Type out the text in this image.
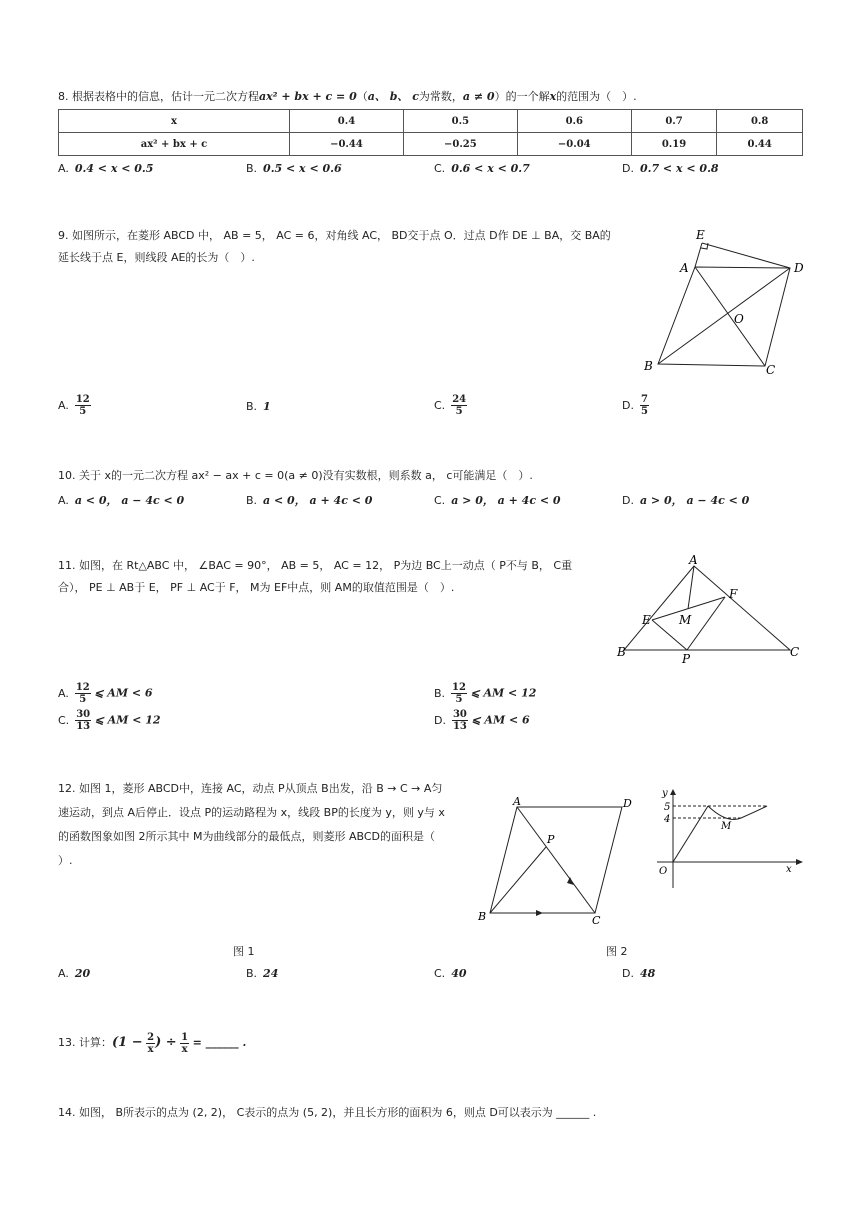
8. 根据表格中的信息，估计一元二次方程ax² + bx + c = 0（a、 b、 c为常数，a ≠ 0）的一个解x的范围为（　）.
x	0.4	0.5	0.6	0.7	0.8
ax² + bx + c	−0.44	−0.25	−0.04	0.19	0.44
A. 0.4 < x < 0.5	B. 0.5 < x < 0.6	C. 0.6 < x < 0.7	D. 0.7 < x < 0.8
9. 如图所示，在菱形 ABCD 中， AB = 5， AC = 6，对角线 AC， BD交于点 O．过点 D作 DE ⊥ BA，交 BA的
延长线于点 E，则线段 AE的长为（　）.
E
A	D
O
B	C
A. $\frac{12}{5}$	B. 1	C. $\frac{24}{5}$	D. $\frac{7}{5}$
10. 关于 x的一元二次方程 ax² − ax + c = 0(a ≠ 0)没有实数根，则系数 a， c可能满足（　）.
A. a < 0， a − 4c < 0	B. a < 0， a + 4c < 0	C. a > 0， a + 4c < 0	D. a > 0， a − 4c < 0
11. 如图，在 Rt△ABC 中， ∠BAC = 90°， AB = 5， AC = 12， P为边 BC上一动点（ P不与 B， C重
合）， PE ⊥ AB于 E， PF ⊥ AC于 F， M为 EF中点，则 AM的取值范围是（　）.
A
F
E M
B	P	C
A. $\frac{12}{5}$ ⩽ AM < 6	B. $\frac{12}{5}$ ⩽ AM < 12
C. $\frac{30}{13}$ ⩽ AM < 12	D. $\frac{30}{13}$ ⩽ AM < 6
12. 如图 1，菱形 ABCD中，连接 AC，动点 P从顶点 B出发，沿 B → C → A匀
速运动，到点 A后停止．设点 P的运动路程为 x，线段 BP的长度为 y，则 y与 x
的函数图象如图 2所示其中 M为曲线部分的最低点，则菱形 ABCD的面积是（
）.
A	D
P
B	C
y
5
4
M
O	x
图 1	图 2
A. 20	B. 24	C. 40	D. 48
13. 计算：($1 - \frac{2}{x}$ ) ÷ $\frac{1}{x}$ = ______ .
14. 如图， B所表示的点为 (2, 2)， C表示的点为 (5, 2)，并且长方形的面积为 6，则点 D可以表示为 ______ .
